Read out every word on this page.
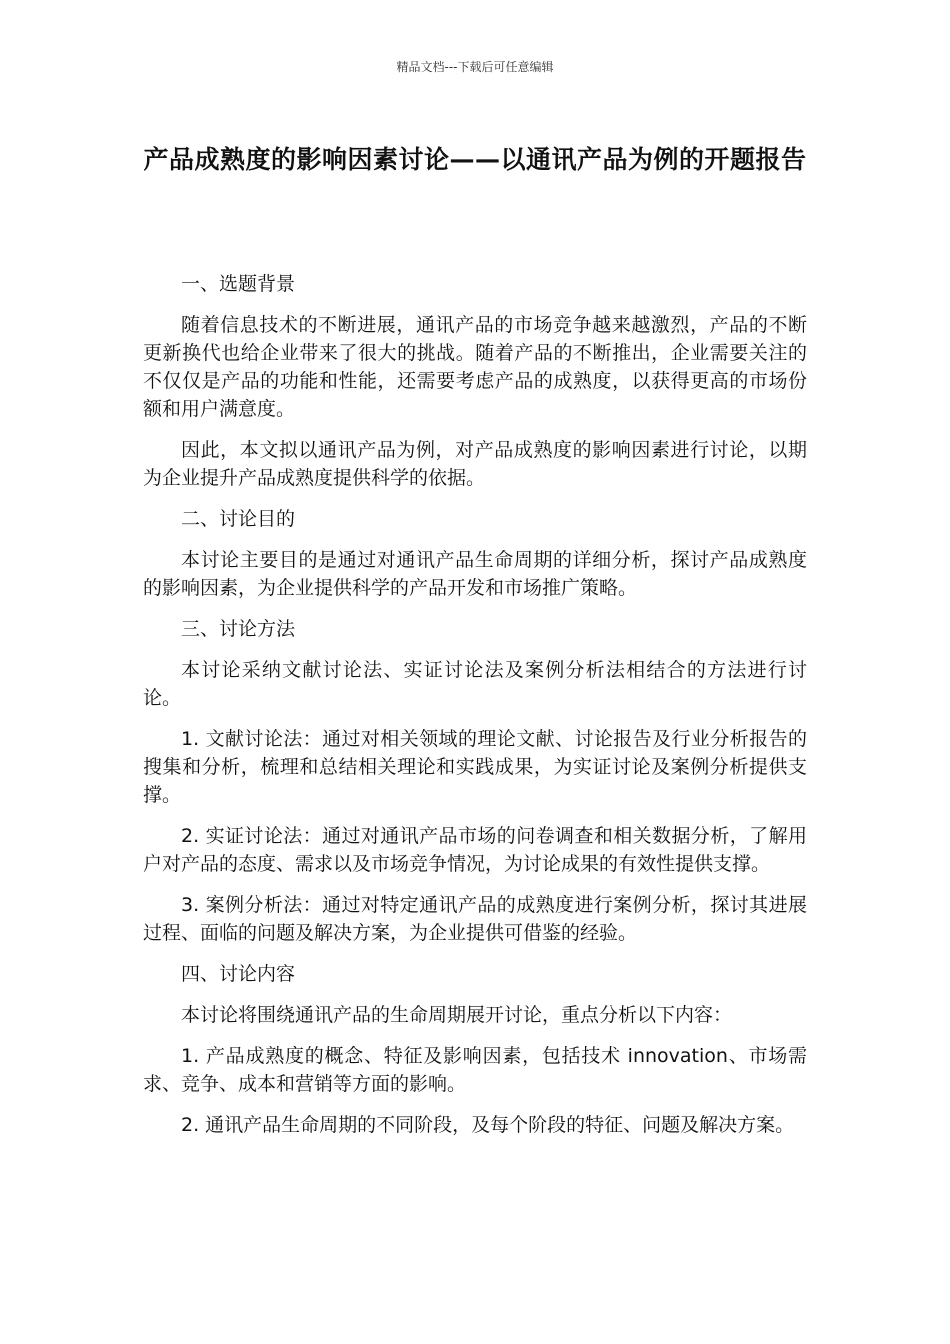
精品文档---下载后可任意编辑
产品成熟度的影响因素讨论——以通讯产品为例的开题报告

一、选题背景

随着信息技术的不断进展，通讯产品的市场竞争越来越激烈，产品的不断更新换代也给企业带来了很大的挑战。随着产品的不断推出，企业需要关注的不仅仅是产品的功能和性能，还需要考虑产品的成熟度，以获得更高的市场份额和用户满意度。

因此，本文拟以通讯产品为例，对产品成熟度的影响因素进行讨论，以期为企业提升产品成熟度提供科学的依据。

二、讨论目的

本讨论主要目的是通过对通讯产品生命周期的详细分析，探讨产品成熟度的影响因素，为企业提供科学的产品开发和市场推广策略。

三、讨论方法

本讨论采纳文献讨论法、实证讨论法及案例分析法相结合的方法进行讨论。

1. 文献讨论法：通过对相关领域的理论文献、讨论报告及行业分析报告的搜集和分析，梳理和总结相关理论和实践成果，为实证讨论及案例分析提供支撑。

2. 实证讨论法：通过对通讯产品市场的问卷调查和相关数据分析，了解用户对产品的态度、需求以及市场竞争情况，为讨论成果的有效性提供支撑。

3. 案例分析法：通过对特定通讯产品的成熟度进行案例分析，探讨其进展过程、面临的问题及解决方案，为企业提供可借鉴的经验。

四、讨论内容

本讨论将围绕通讯产品的生命周期展开讨论，重点分析以下内容：

1. 产品成熟度的概念、特征及影响因素，包括技术 innovation、市场需求、竞争、成本和营销等方面的影响。

2. 通讯产品生命周期的不同阶段，及每个阶段的特征、问题及解决方案。
